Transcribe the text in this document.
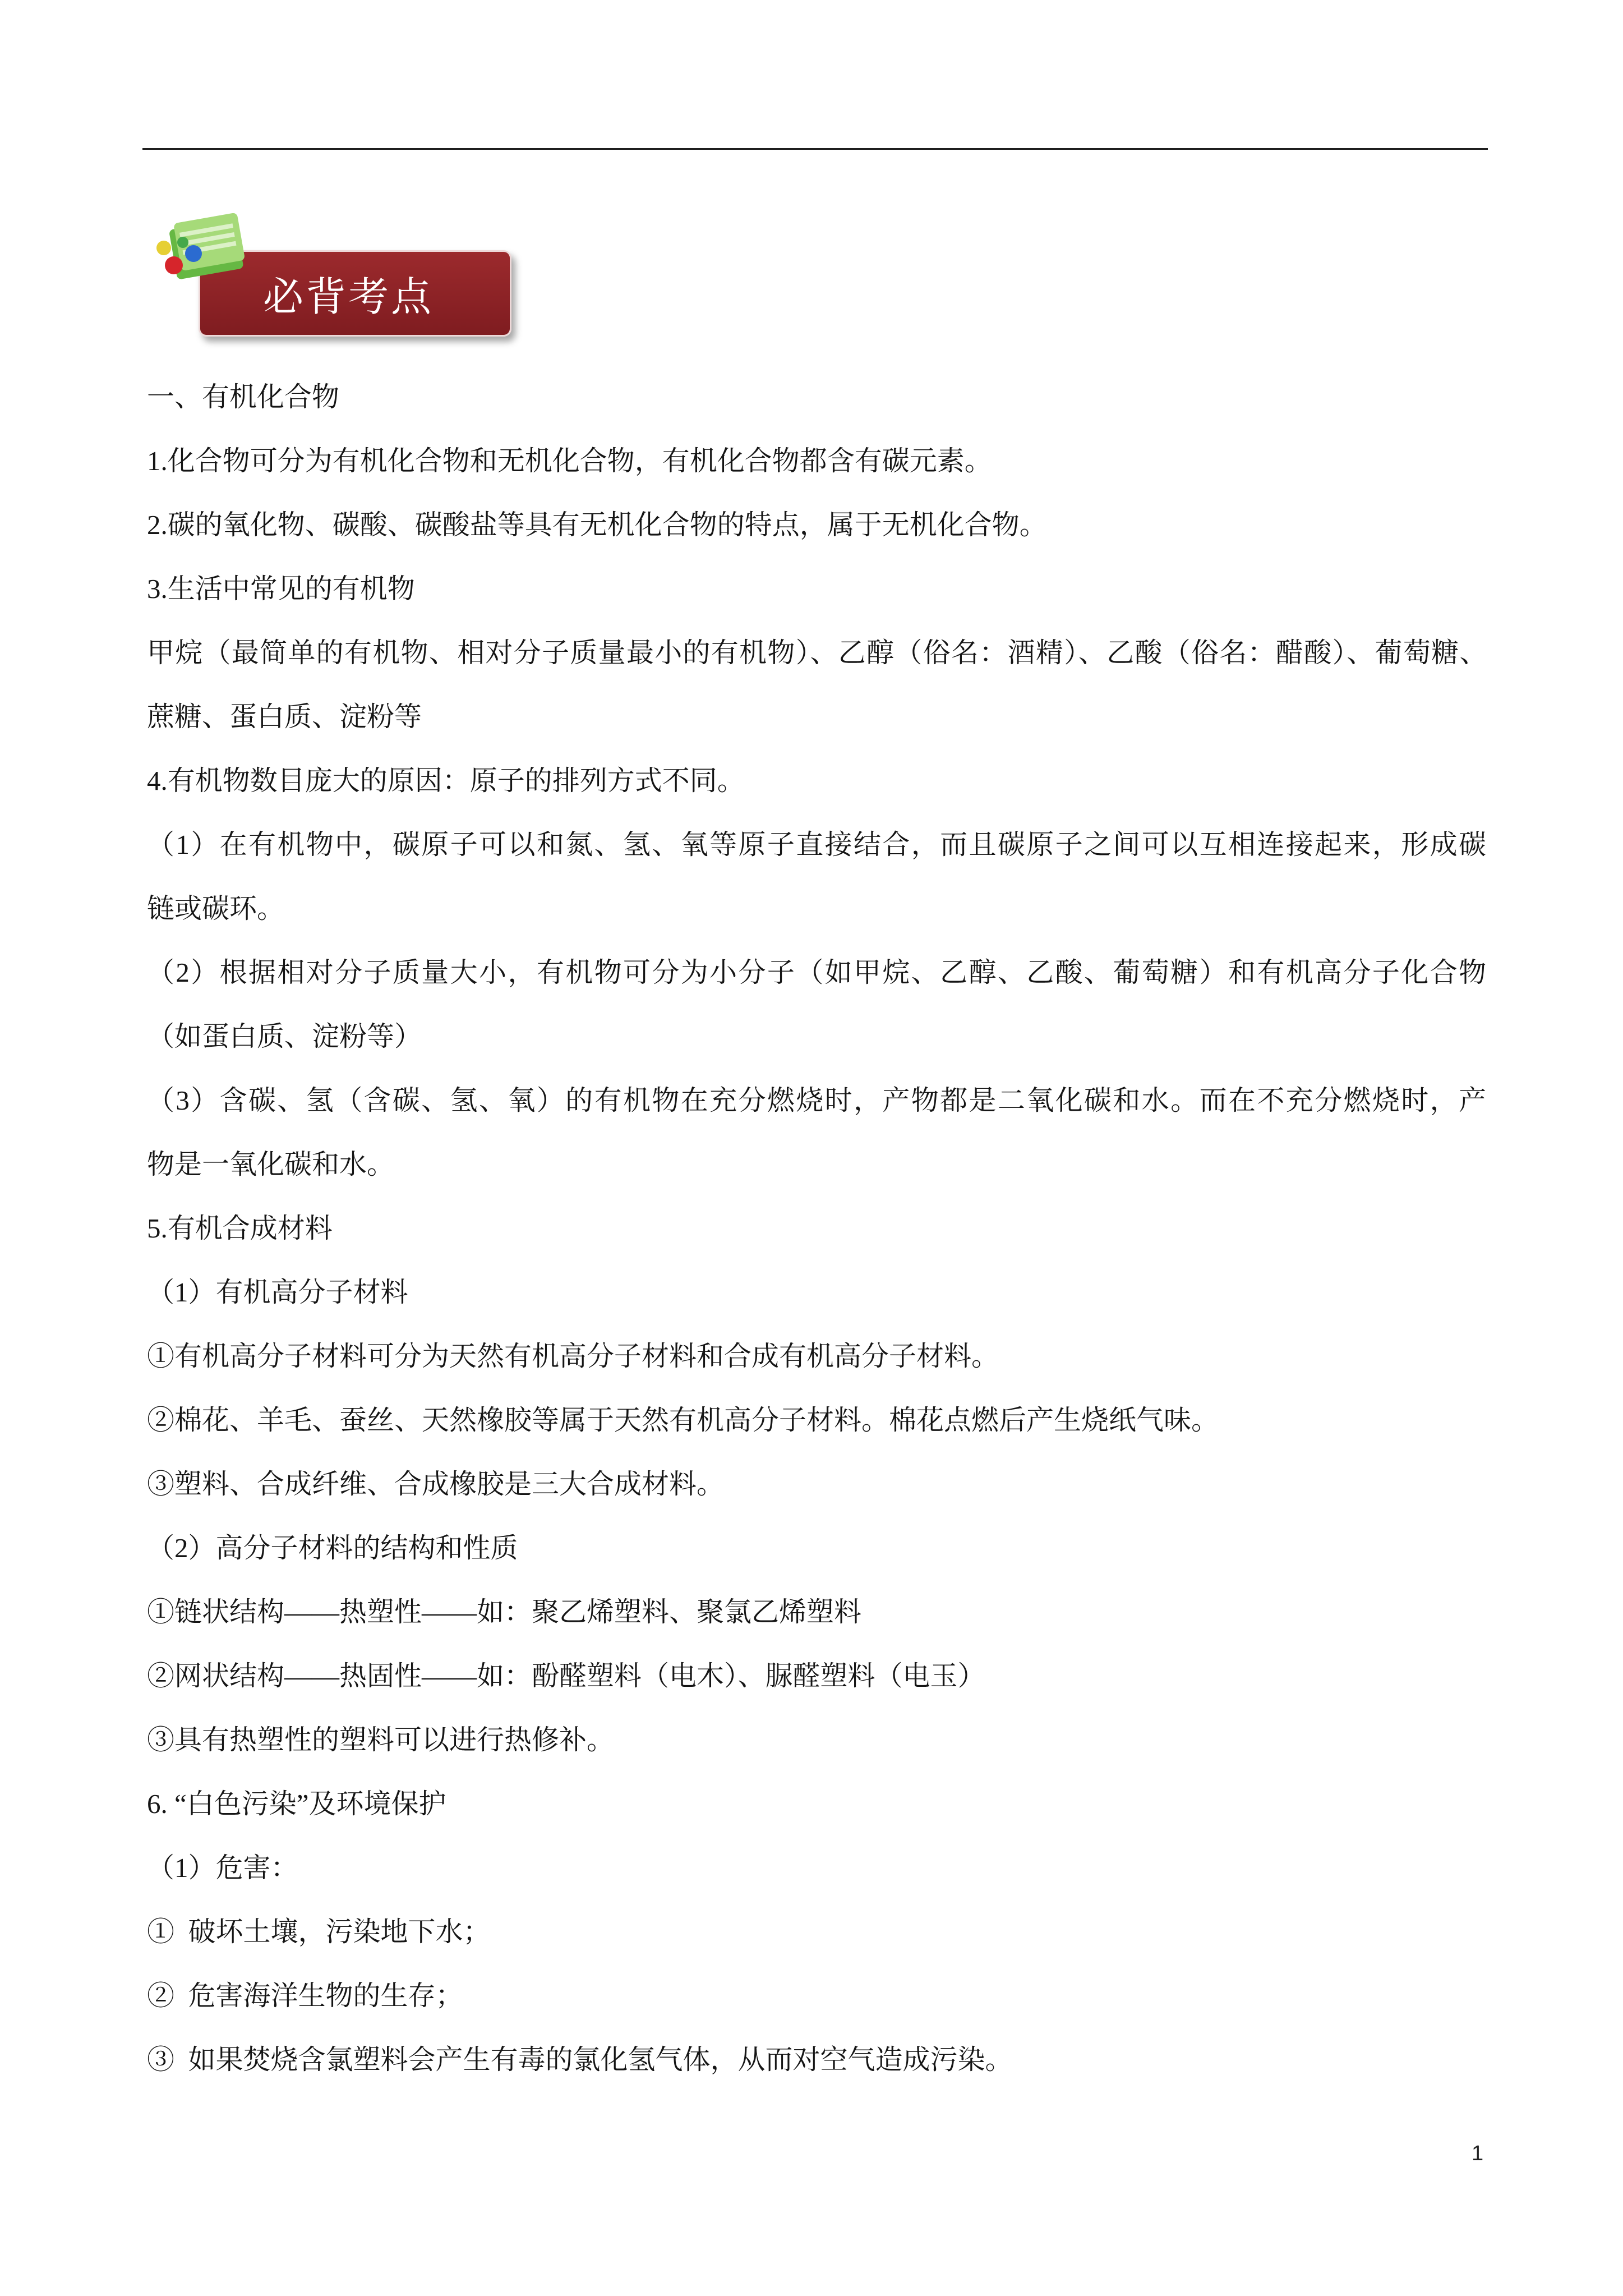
必背考点
一、有机化合物
1.化合物可分为有机化合物和无机化合物，有机化合物都含有碳元素。
2.碳的氧化物、碳酸、碳酸盐等具有无机化合物的特点，属于无机化合物。
3.生活中常见的有机物
甲烷（最简单的有机物、相对分子质量最小的有机物）、乙醇（俗名：酒精）、乙酸（俗名：醋酸）、葡萄糖、
蔗糖、蛋白质、淀粉等
4.有机物数目庞大的原因：原子的排列方式不同。
（1）在有机物中，碳原子可以和氮、氢、氧等原子直接结合，而且碳原子之间可以互相连接起来，形成碳
链或碳环。
（2）根据相对分子质量大小，有机物可分为小分子（如甲烷、乙醇、乙酸、葡萄糖）和有机高分子化合物
（如蛋白质、淀粉等）
（3）含碳、氢（含碳、氢、氧）的有机物在充分燃烧时，产物都是二氧化碳和水。而在不充分燃烧时，产
物是一氧化碳和水。
5.有机合成材料
（1）有机高分子材料
①有机高分子材料可分为天然有机高分子材料和合成有机高分子材料。
②棉花、羊毛、蚕丝、天然橡胶等属于天然有机高分子材料。棉花点燃后产生烧纸气味。
③塑料、合成纤维、合成橡胶是三大合成材料。
（2）高分子材料的结构和性质
①链状结构——热塑性——如：聚乙烯塑料、聚氯乙烯塑料
②网状结构——热固性——如：酚醛塑料（电木）、脲醛塑料（电玉）
③具有热塑性的塑料可以进行热修补。
6. “白色污染”及环境保护
（1）危害：
①  破坏土壤，污染地下水；
②  危害海洋生物的生存；
③  如果焚烧含氯塑料会产生有毒的氯化氢气体，从而对空气造成污染。
1
